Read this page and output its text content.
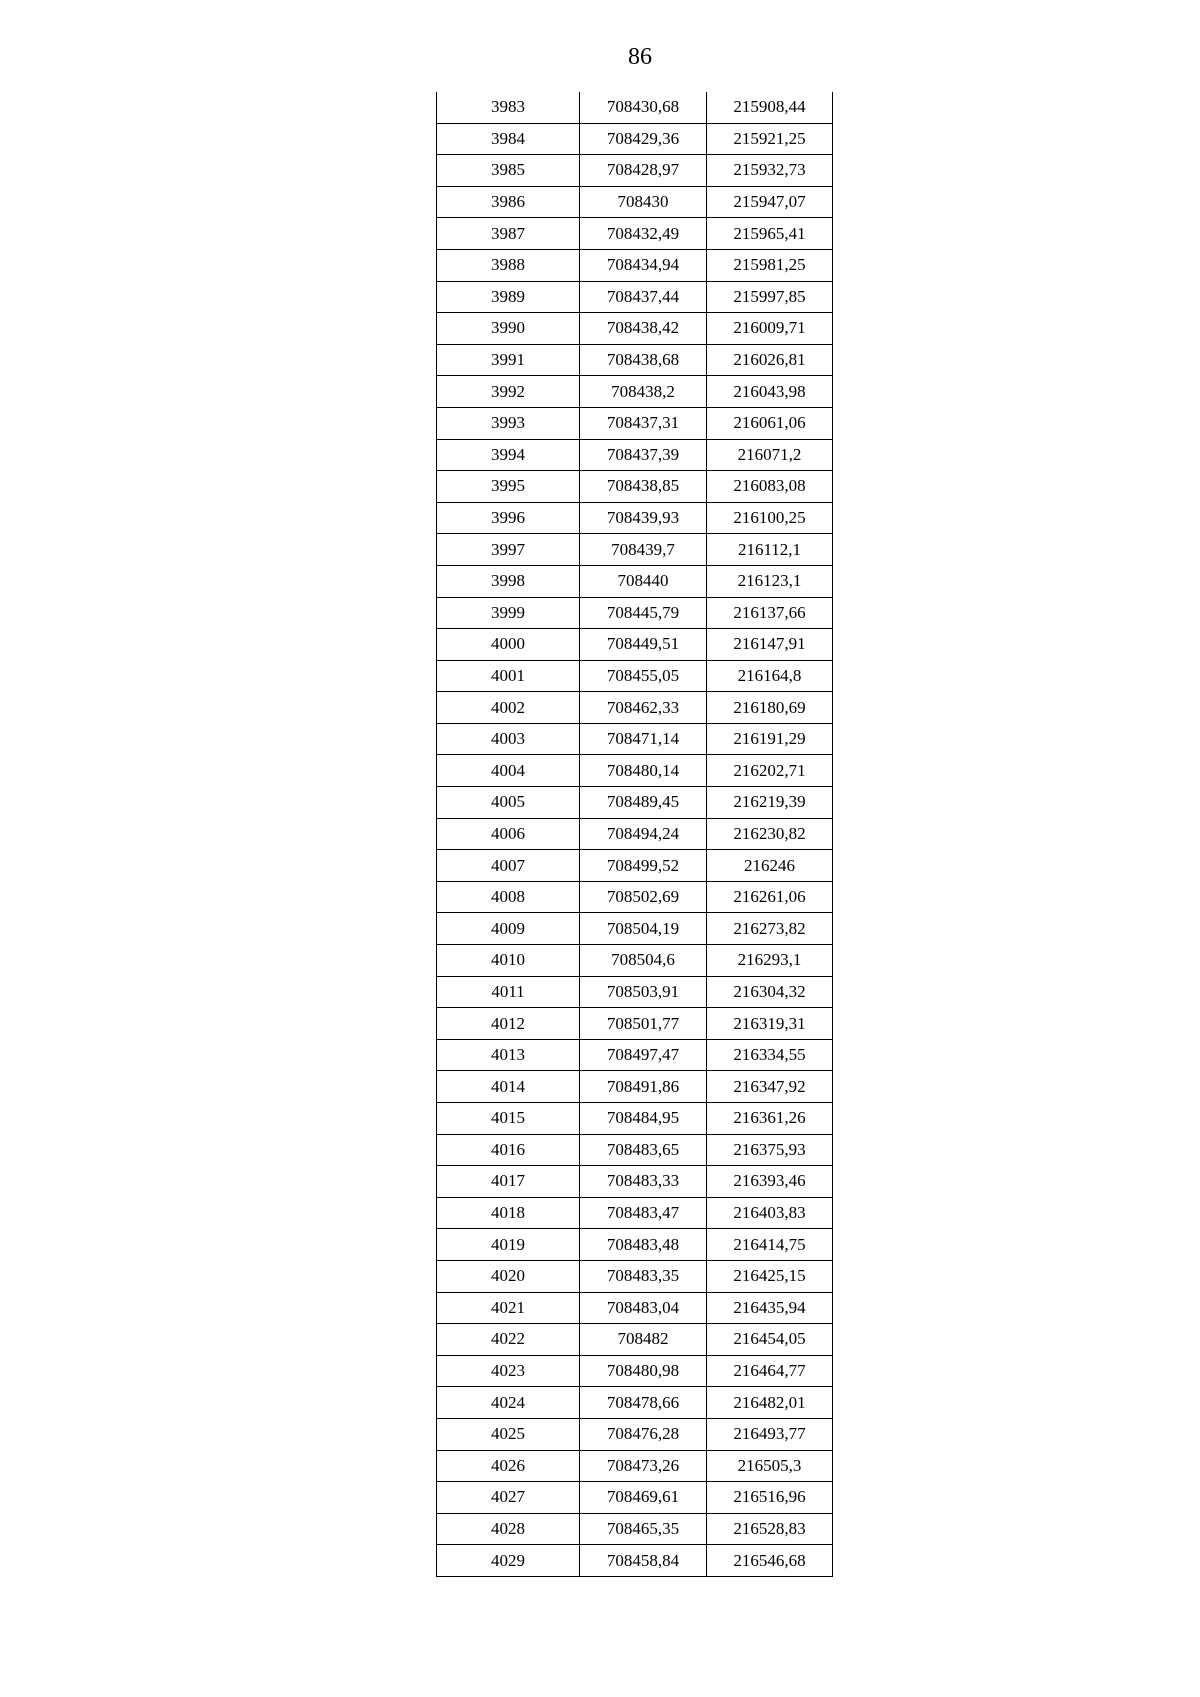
86
3983	708430,68	215908,44
3984	708429,36	215921,25
3985	708428,97	215932,73
3986	708430	215947,07
3987	708432,49	215965,41
3988	708434,94	215981,25
3989	708437,44	215997,85
3990	708438,42	216009,71
3991	708438,68	216026,81
3992	708438,2	216043,98
3993	708437,31	216061,06
3994	708437,39	216071,2
3995	708438,85	216083,08
3996	708439,93	216100,25
3997	708439,7	216112,1
3998	708440	216123,1
3999	708445,79	216137,66
4000	708449,51	216147,91
4001	708455,05	216164,8
4002	708462,33	216180,69
4003	708471,14	216191,29
4004	708480,14	216202,71
4005	708489,45	216219,39
4006	708494,24	216230,82
4007	708499,52	216246
4008	708502,69	216261,06
4009	708504,19	216273,82
4010	708504,6	216293,1
4011	708503,91	216304,32
4012	708501,77	216319,31
4013	708497,47	216334,55
4014	708491,86	216347,92
4015	708484,95	216361,26
4016	708483,65	216375,93
4017	708483,33	216393,46
4018	708483,47	216403,83
4019	708483,48	216414,75
4020	708483,35	216425,15
4021	708483,04	216435,94
4022	708482	216454,05
4023	708480,98	216464,77
4024	708478,66	216482,01
4025	708476,28	216493,77
4026	708473,26	216505,3
4027	708469,61	216516,96
4028	708465,35	216528,83
4029	708458,84	216546,68
